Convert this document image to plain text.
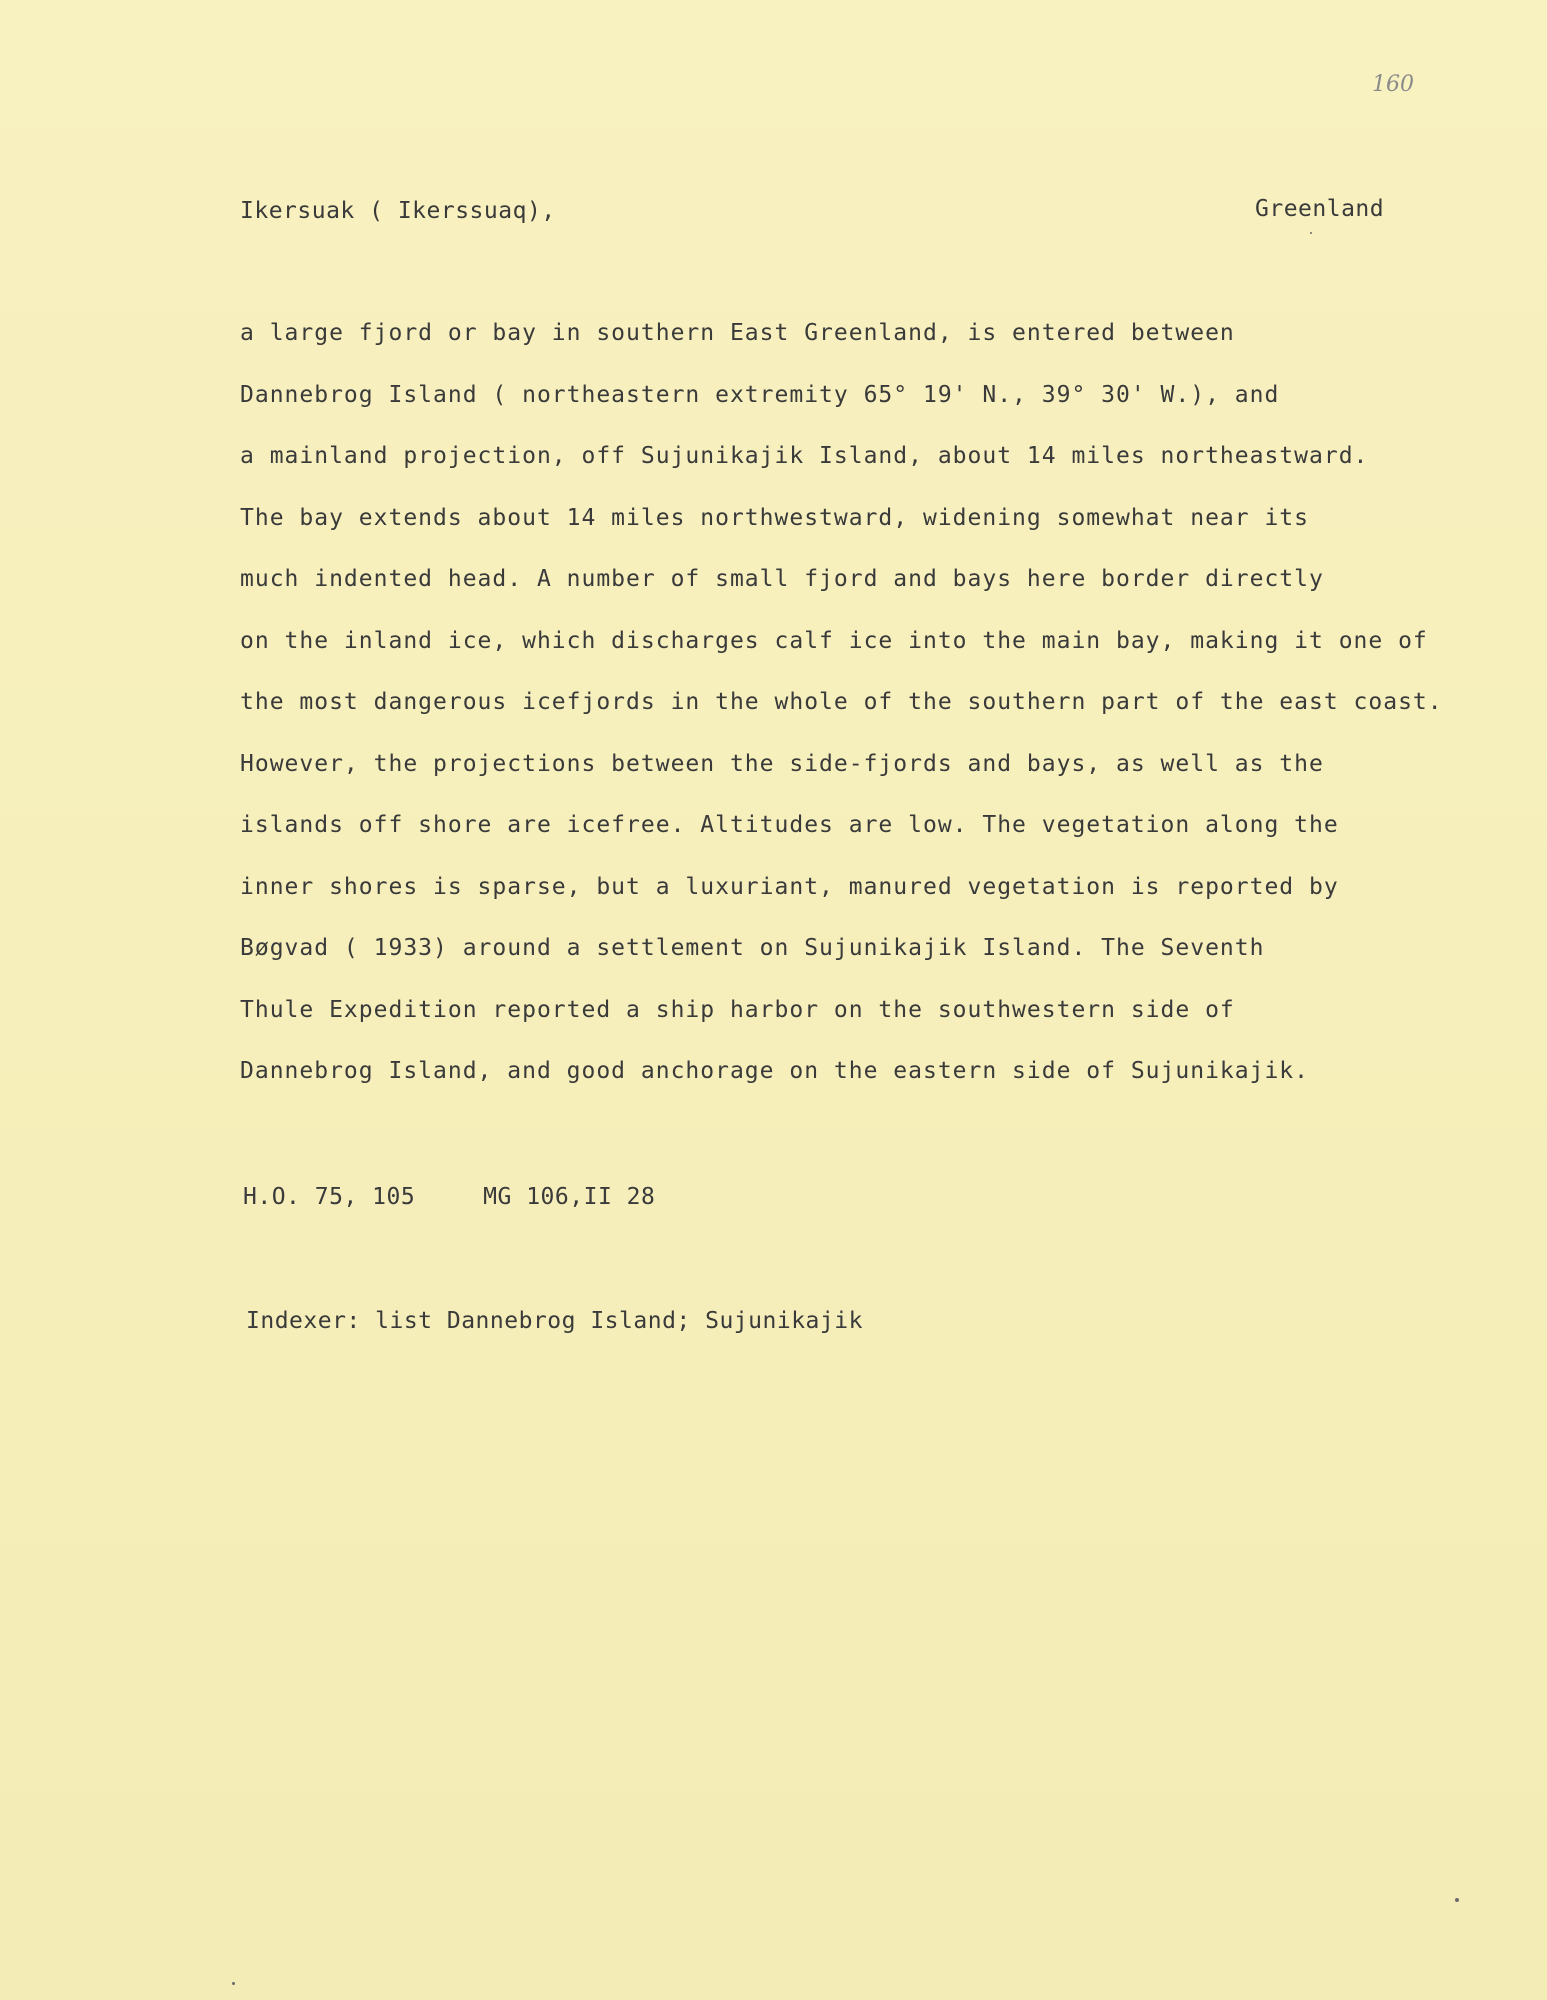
160
Ikersuak ( Ikerssuaq),	Greenland
a large fjord or bay in southern East Greenland, is entered between
Dannebrog Island ( northeastern extremity 65° 19' N., 39° 30' W.), and
a mainland projection, off Sujunikajik Island, about 14 miles northeastward.
The bay extends about 14 miles northwestward, widening somewhat near its
much indented head. A number of small fjord and bays here border directly
on the inland ice, which discharges calf ice into the main bay, making it one of
the most dangerous icefjords in the whole of the southern part of the east coast.
However, the projections between the side-fjords and bays, as well as the
islands off shore are icefree. Altitudes are low. The vegetation along the
inner shores is sparse, but a luxuriant, manured vegetation is reported by
Bøgvad ( 1933) around a settlement on Sujunikajik Island. The Seventh
Thule Expedition reported a ship harbor on the southwestern side of
Dannebrog Island, and good anchorage on the eastern side of Sujunikajik.
H.O. 75, 105	MG 106,II 28
Indexer: list Dannebrog Island; Sujunikajik
